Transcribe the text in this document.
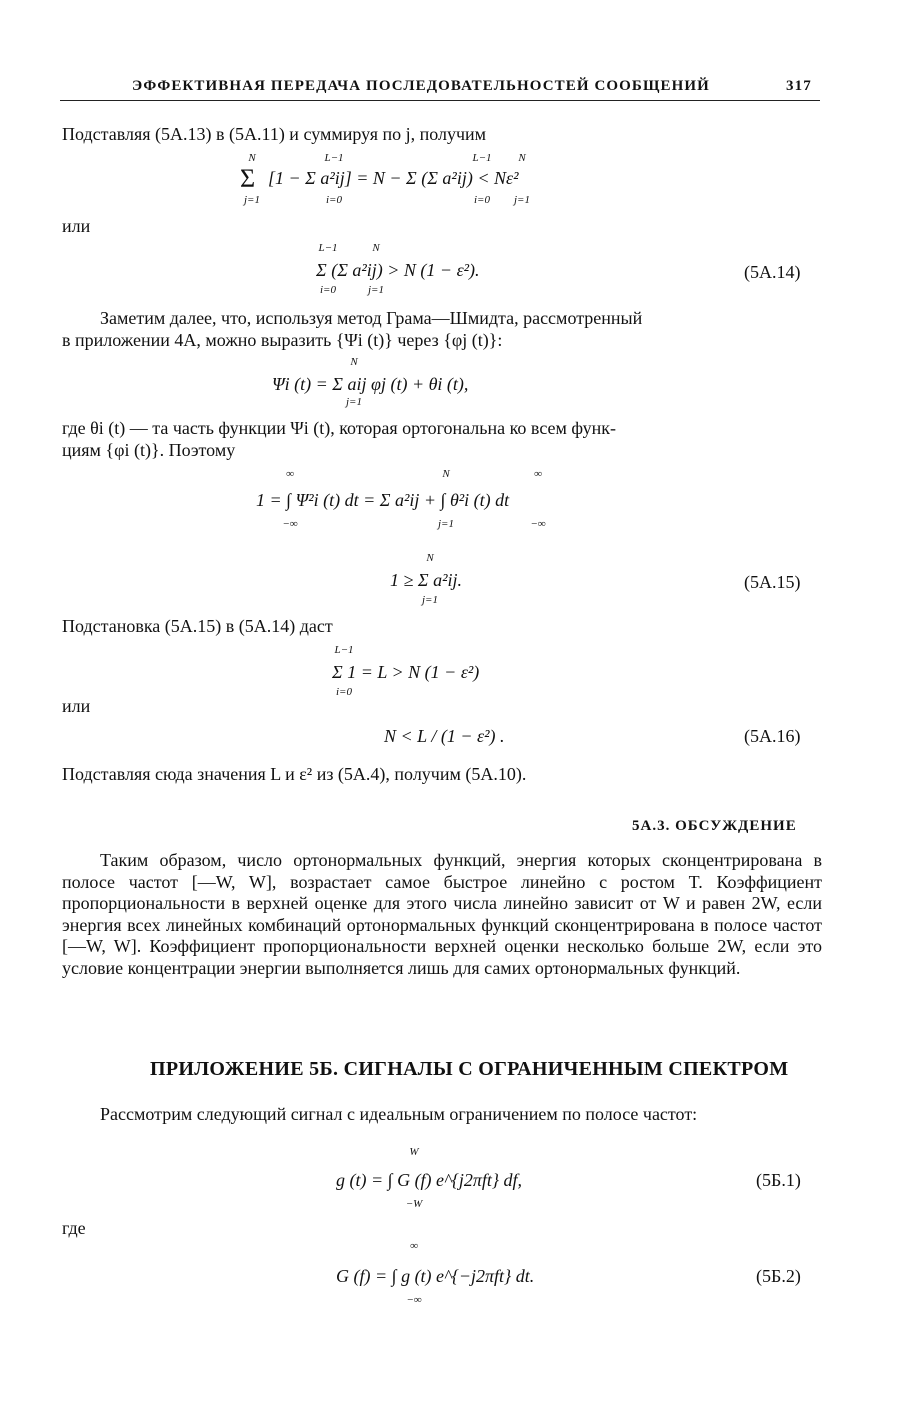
ЭФФЕКТИВНАЯ ПЕРЕДАЧА ПОСЛЕДОВАТЕЛЬНОСТЕЙ СООБЩЕНИЙ	317
Подставляя (5А.13) в (5А.11) и суммируя по j, получим
N	L−1	L−1	N
Σ [1 − Σ a²ij] = N − Σ (Σ a²ij) < Nε²
j=1	i=0	i=0	j=1
или
L−1	N
Σ (Σ a²ij) > N (1 − ε²).
i=0	j=1
(5А.14)
Заметим далее, что, используя метод Грама—Шмидта, рассмотренный
в приложении 4А, можно выразить {Ψi (t)} через {φj (t)}:
N
Ψi (t) = Σ aij φj (t) + θi (t),
j=1
где θi (t) — та часть функции Ψi (t), которая ортогональна ко всем функ-
циям {φi (t)}. Поэтому
∞	N	∞
1 = ∫ Ψ²i (t) dt = Σ a²ij + ∫ θ²i (t) dt
−∞	j=1	−∞
N
1 ≥ Σ a²ij.
j=1
(5А.15)
Подстановка (5А.15) в (5А.14) даст
L−1
Σ 1 = L > N (1 − ε²)
i=0
или
N < L / (1 − ε²) .	(5А.16)
Подставляя сюда значения L и ε² из (5А.4), получим (5А.10).
5А.3. ОБСУЖДЕНИЕ
Таким образом, число ортонормальных функций, энергия которых сконцентрирована в полосе частот [—W, W], возрастает самое быстрое линейно с ростом T. Коэффициент пропорциональности в верхней оценке для этого числа линейно зависит от W и равен 2W, если энергия всех линейных комбинаций ортонормальных функций сконцентрирована в полосе частот [—W, W]. Коэффициент пропорциональности верхней оценки несколько больше 2W, если это условие концентрации энергии выполняется лишь для самих ортонормальных функций.
ПРИЛОЖЕНИЕ 5Б. СИГНАЛЫ С ОГРАНИЧЕННЫМ СПЕКТРОМ
Рассмотрим следующий сигнал с идеальным ограничением по полосе частот:
W
g (t) = ∫ G (f) e^{j2πft} df,
−W
(5Б.1)
где
∞
G (f) = ∫ g (t) e^{−j2πft} dt.
−∞
(5Б.2)
